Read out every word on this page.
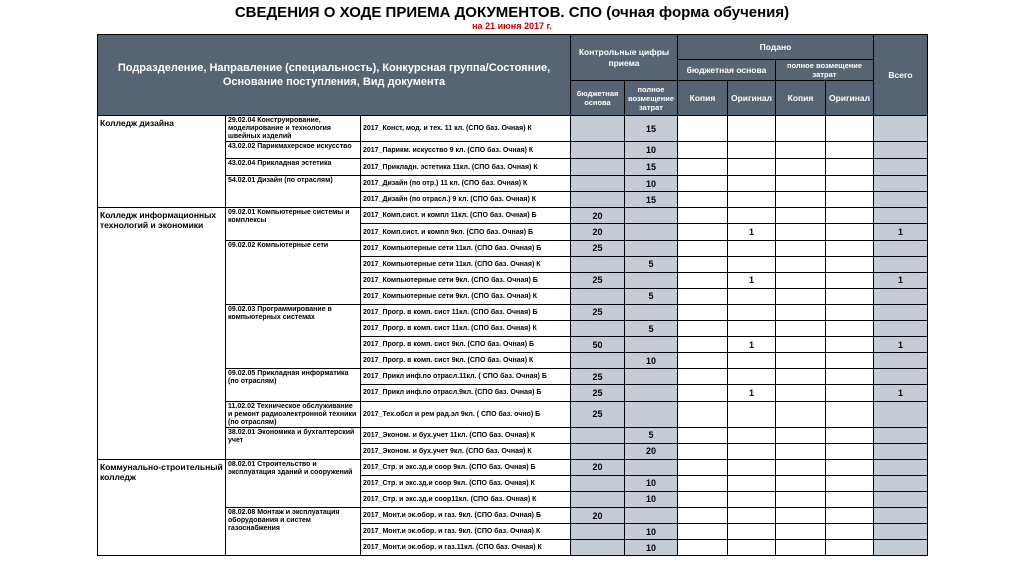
СВЕДЕНИЯ О ХОДЕ ПРИЕМА ДОКУМЕНТОВ. СПО (очная форма обучения)
на 21 июня 2017 г.
Подразделение, Направление (специальность), Конкурсная группа/Состояние, Основание поступления, Вид документа			Контрольные цифры приема		Подано				Всего
					бюджетная основа		полное возмещение затрат		
			бюджетная основа	полное возмещение затрат	Копия	Оригинал	Копия	Оригинал	
Колледж дизайна	29.02.04 Конструирование, моделирование и технология швейных изделий	2017_Конст, мод. и тех. 11 кл. (СПО баз. Очная) К		15					
	43.02.02 Парикмахерское искусство	2017_Парикм. искусство 9 кл. (СПО баз. Очная) К		10					
	43.02.04 Прикладная эстетика	2017_Прикладн. эстетика 11кл. (СПО баз. Очная) К		15					
	54.02.01 Дизайн (по отраслям)	2017_Дизайн (по отр.) 11 кл. (СПО баз. Очная) К		10					
		2017_Дизайн (по отрасл.) 9 кл. (СПО баз. Очная) К		15					
Колледж информационных технологий и экономики	09.02.01 Компьютерные системы и комплексы	2017_Комп.сист. и компл 11кл. (СПО баз. Очная) Б	20						
		2017_Комп.сист. и компл 9кл. (СПО баз. Очная) Б	20			1			1
	09.02.02 Компьютерные сети	2017_Компьютерные сети 11кл. (СПО баз. Очная) Б	25						
		2017_Компьютерные сети 11кл. (СПО баз. Очная) К		5					
		2017_Компьютерные сети 9кл. (СПО баз. Очная) Б	25			1			1
		2017_Компьютерные сети 9кл. (СПО баз. Очная) К		5					
	09.02.03 Программирование в компьютерных системах	2017_Прогр. в комп. сист 11кл. (СПО баз. Очная) Б	25						
		2017_Прогр. в комп. сист 11кл. (СПО баз. Очная) К		5					
		2017_Прогр. в комп. сист 9кл. (СПО баз. Очная) Б	50			1			1
		2017_Прогр. в комп. сист 9кл. (СПО баз. Очная) К		10					
	09.02.05 Прикладная информатика (по отраслям)	2017_Прикл инф.по отрасл.11кл. ( СПО баз. Очная) Б	25						
		2017_Прикл инф.по отрасл.9кл. (СПО баз. Очная) Б	25			1			1
	11.02.02 Техническое обслуживание и ремонт радиоэлектронной техники (по отраслям)	2017_Тех.обсл и рем рад.эл 9кл. ( СПО баз. очно) Б	25						
	38.02.01 Экономика и бухгалтерский учет	2017_Эконом. и бух.учет 11кл. (СПО баз. Очная) К		5					
		2017_Эконом. и бух.учет 9кл. (СПО баз. Очная) К		20					
Коммунально-строительный колледж	08.02.01 Строительство и эксплуатация зданий и сооружений	2017_Стр. и экс.зд.и соор 9кл. (СПО баз. Очная) Б	20						
		2017_Стр. и экс.зд.и соор 9кл. (СПО баз. Очная) К		10					
		2017_Стр. и экс.зд.и соор11кл. (СПО баз. Очная) К		10					
	08.02.08 Монтаж и эксплуатация оборудования и систем газоснабжения	2017_Монт.и эк.обор. и газ. 9кл. (СПО баз. Очная) Б	20						
		2017_Монт.и эк.обор. и газ. 9кл. (СПО баз. Очная) К		10					
		2017_Монт.и эк.обор. и газ.11кл. (СПО баз. Очная) К		10					
